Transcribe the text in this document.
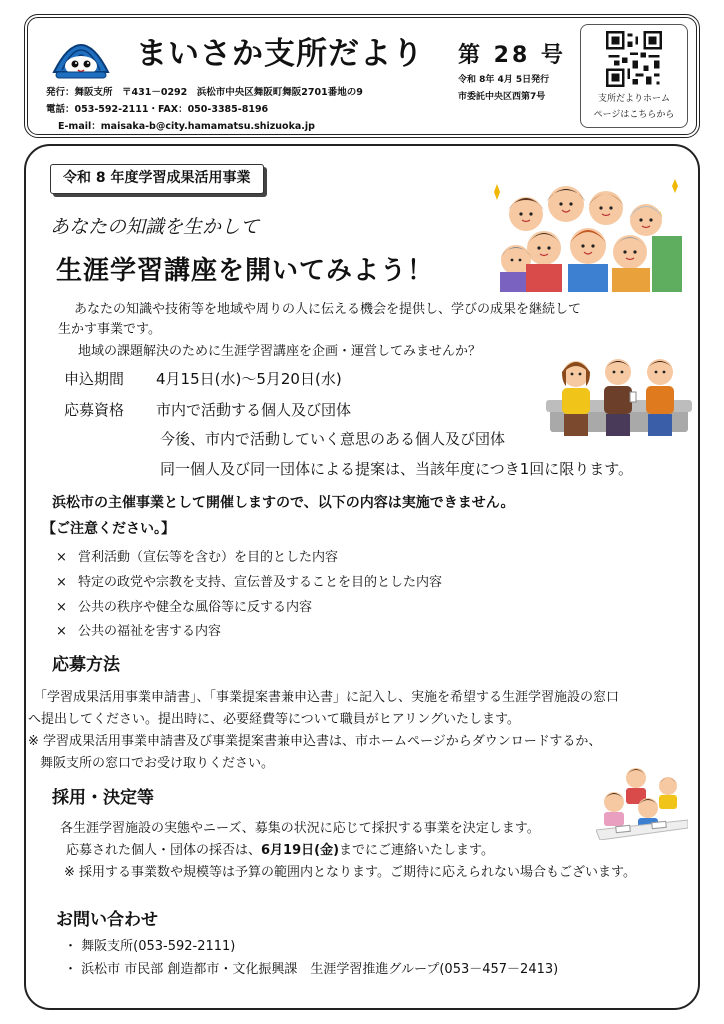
まいさか支所だより 第 28 号
発行：舞阪支所　〒431－0292　浜松市中央区舞阪町舞阪2701番地の9
電話：053-592-2111・FAX：050-3385-8196
E-mail：maisaka-b@city.hamamatsu.shizuoka.jp
令和 8年 4月 5日発行
市委託中央区西第7号	支所だよりホーム
ページはこちらから
令和 8 年度学習成果活用事業
あなたの知識を生かして
生涯学習講座を開いてみよう！
あなたの知識や技術等を地域や周りの人に伝える機会を提供し、学びの成果を継続して
生かす事業です。
地域の課題解決のために生涯学習講座を企画・運営してみませんか？
申込期間 4月15日(水)～5月20日(水)
応募資格 市内で活動する個人及び団体
今後、市内で活動していく意思のある個人及び団体
同一個人及び同一団体による提案は、当該年度につき1回に限ります。
浜松市の主催事業として開催しますので、以下の内容は実施できません。
【ご注意ください。】
× 営利活動（宣伝等を含む）を目的とした内容
× 特定の政党や宗教を支持、宣伝普及することを目的とした内容
× 公共の秩序や健全な風俗等に反する内容
× 公共の福祉を害する内容
応募方法
「学習成果活用事業申請書」、「事業提案書兼申込書」に記入し、実施を希望する生涯学習施設の窓口
へ提出してください。提出時に、必要経費等について職員がヒアリングいたします。
※ 学習成果活用事業申請書及び事業提案書兼申込書は、市ホームページからダウンロードするか、
舞阪支所の窓口でお受け取りください。
採用・決定等
各生涯学習施設の実態やニーズ、募集の状況に応じて採択する事業を決定します。
応募された個人・団体の採否は、6月19日(金)までにご連絡いたします。
※ 採用する事業数や規模等は予算の範囲内となります。ご期待に応えられない場合もございます。
お問い合わせ
・ 舞阪支所(053-592-2111)
・ 浜松市 市民部 創造都市・文化振興課　生涯学習推進グループ(053－457－2413)
